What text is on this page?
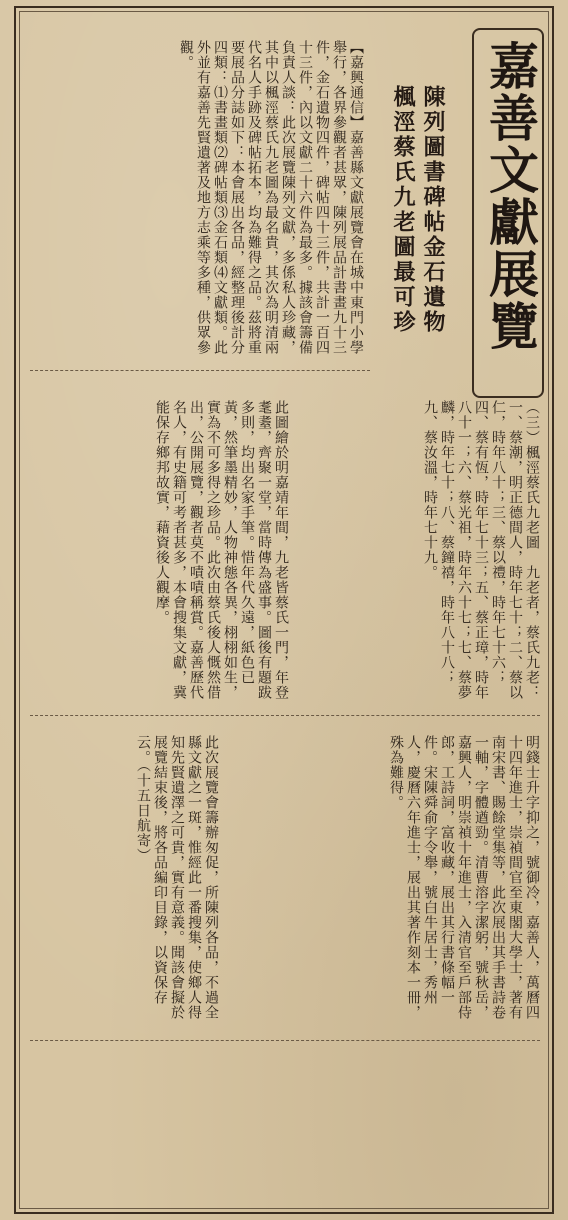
嘉善文獻展覽
陳列圖書碑帖金石遺物
楓涇蔡氏九老圖最可珍
【嘉興通信】嘉善縣文獻展覽會在城中東門小學舉行，各界參觀者甚眾，陳列展品計書畫九十三件，金石遺物四件，碑帖四十三件，共計一百四十三件，內以文獻二十六件為最多。據該會籌備負責人談：此次展覽陳列文獻，多係私人珍藏，其中以楓涇蔡氏九老圖為最名貴，其次為明清兩代名人手跡及碑帖拓本，均為難得之品。茲將重要展品分誌如下：本會展出各品，經整理後計分四類：⑴書畫類⑵碑帖類⑶金石類⑷文獻類。此外並有嘉善先賢遺著及地方志乘等多種，供眾參觀。
（三）楓涇蔡氏九老圖　九老者，蔡氏九老：一、蔡潮，明正德間人，時年七十；二、蔡以仁，時年八十；三、蔡以禮，時年七十六；四、蔡有恆，時年七十三；五、蔡正璋，時年八十一；六、蔡光祖，時年六十七；七、蔡夢麟，時年七十；八、蔡鐘禧，時年八十八；九、蔡汝溫，時年七十九。
此圖繪於明嘉靖年間，九老皆蔡氏一門，年登耄耋，齊聚一堂，當時傳為盛事。圖後有題跋多則，均出名家手筆。惜年代久遠，紙色已黃，然筆墨精妙，人物神態各異，栩栩如生，實為不可多得之珍品。此次由蔡氏後人慨然借出，公開展覽，觀者莫不嘖嘖稱賞。嘉善歷代名人，有史籍可考者甚多，本會搜集文獻，冀能保存鄉邦故實，藉資後人觀摩。
明錢士升字抑之，號御冷，嘉善人，萬曆四十四年進士，崇禎間官至東閣大學士，著有南宋書、賜餘堂集等，此次展出其手書詩卷一軸，字體遒勁。清曹溶字潔躬，號秋岳，嘉興人，明崇禎十年進士，入清官至戶部侍郎，工詩詞，富收藏，展出其行書條幅一件。宋陳舜俞字令舉，號白牛居士，秀州人，慶曆六年進士，展出其著作刻本一冊，殊為難得。
此次展覽會籌辦匆促，所陳列各品，不過全縣文獻之一斑，惟經此一番搜集，使鄉人得知先賢遺澤之可貴，實有意義。聞該會擬於展覽結束後，將各品編印目錄，以資保存云。（十五日航寄）
